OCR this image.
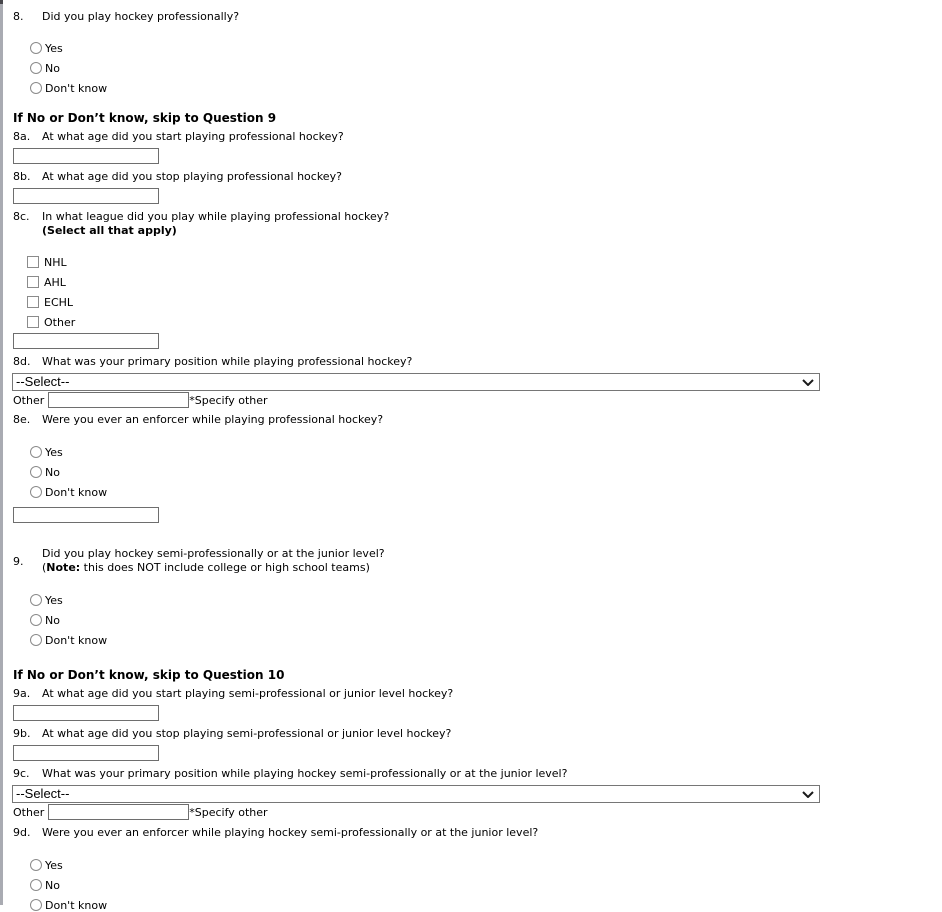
8.	Did you play hockey professionally?
Yes
No
Don't know
If No or Don’t know, skip to Question 9
8a.	At what age did you start playing professional hockey?
8b.	At what age did you stop playing professional hockey?
8c.	In what league did you play while playing professional hockey?
(Select all that apply)
NHL
AHL
ECHL
Other
8d.	What was your primary position while playing professional hockey?
--Select--
Other	*Specify other
8e.	Were you ever an enforcer while playing professional hockey?
Yes
No
Don't know
9.
Did you play hockey semi-professionally or at the junior level?
(Note: this does NOT include college or high school teams)
Yes
No
Don't know
If No or Don’t know, skip to Question 10
9a.	At what age did you start playing semi-professional or junior level hockey?
9b.	At what age did you stop playing semi-professional or junior level hockey?
9c.	What was your primary position while playing hockey semi-professionally or at the junior level?
--Select--
Other	*Specify other
9d.	Were you ever an enforcer while playing hockey semi-professionally or at the junior level?
Yes
No
Don't know
